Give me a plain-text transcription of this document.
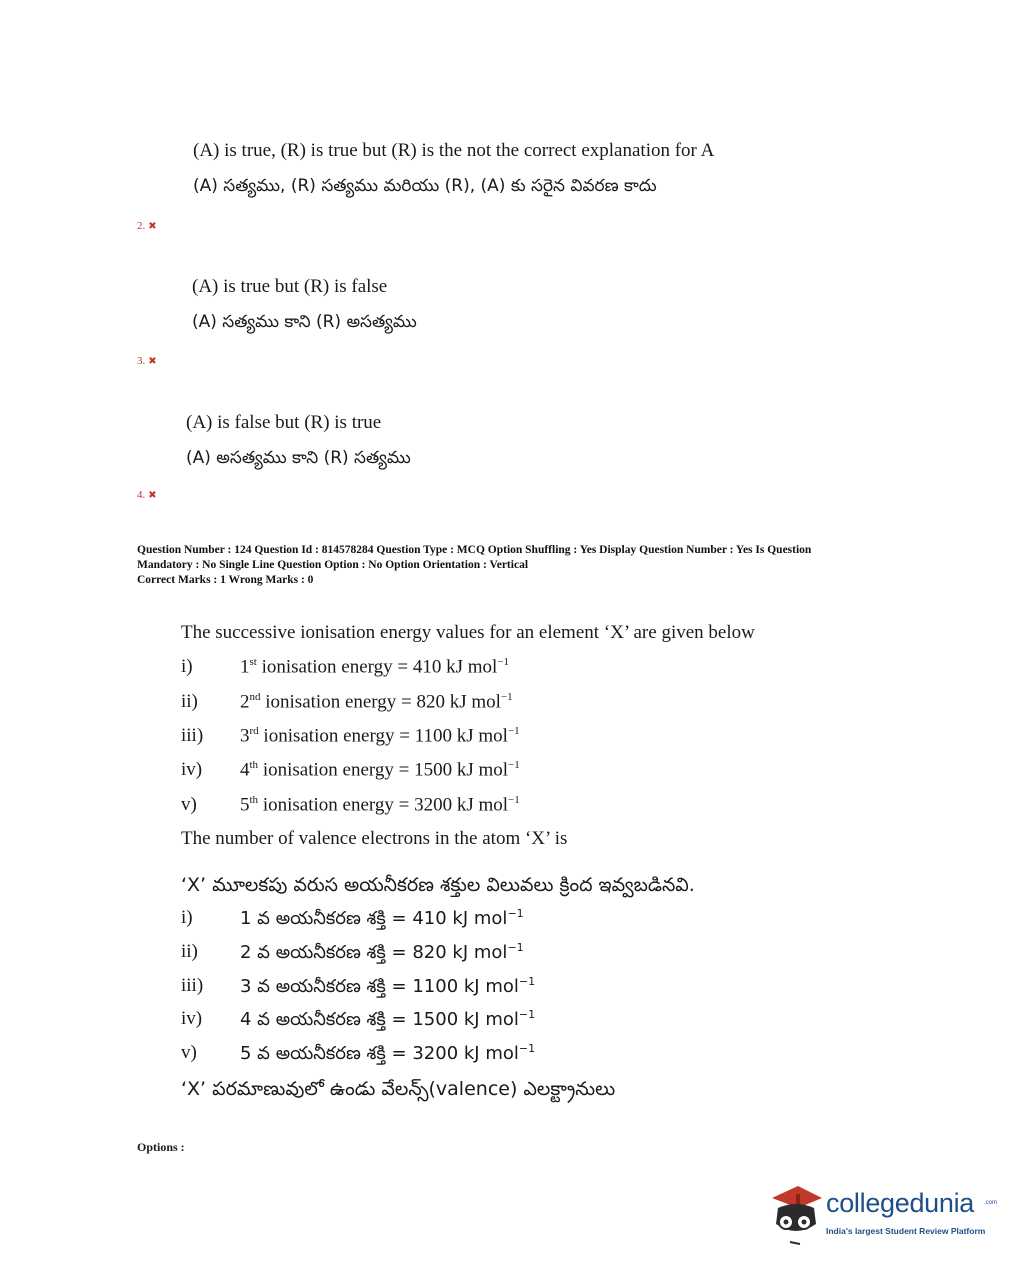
(A) is true, (R) is true but (R) is the not the correct explanation for A
(A) సత్యము, (R) సత్యము మరియు (R), (A) కు సరైన వివరణ కాదు
2. ✖
(A) is true but (R) is false
(A) సత్యము కాని (R) అసత్యము
3. ✖
(A) is false but (R) is true
(A) అసత్యము కాని (R) సత్యము
4. ✖
Question Number : 124 Question Id : 814578284 Question Type : MCQ Option Shuffling : Yes Display Question Number : Yes Is Question
Mandatory : No Single Line Question Option : No Option Orientation : Vertical
Correct Marks : 1 Wrong Marks : 0
The successive ionisation energy values for an element ‘X’ are given below
i) 1st ionisation energy = 410 kJ mol$^{-1}$
ii) 2nd ionisation energy = 820 kJ mol$^{-1}$
iii) 3rd ionisation energy = 1100 kJ mol$^{-1}$
iv) 4th ionisation energy = 1500 kJ mol$^{-1}$
v) 5th ionisation energy = 3200 kJ mol$^{-1}$
The number of valence electrons in the atom ‘X’ is
‘X’ మూలకపు వరుస అయనీకరణ శక్తుల విలువలు క్రింద ఇవ్వబడినవి.
i)	1 వ అయనీకరణ శక్తి = 410 kJ mol$^{-1}$
ii) 2 వ అయనీకరణ శక్తి = 820 kJ mol$^{-1}$
iii) 3 వ అయనీకరణ శక్తి = 1100 kJ mol$^{-1}$
iv) 4 వ అయనీకరణ శక్తి = 1500 kJ mol$^{-1}$
v) 5 వ అయనీకరణ శక్తి = 3200 kJ mol$^{-1}$
‘X’ పరమాణువులో ఉండు వేలన్స్(valence) ఎలక్ట్రానులు
Options :
collegedunia .com
India's largest Student Review Platform
